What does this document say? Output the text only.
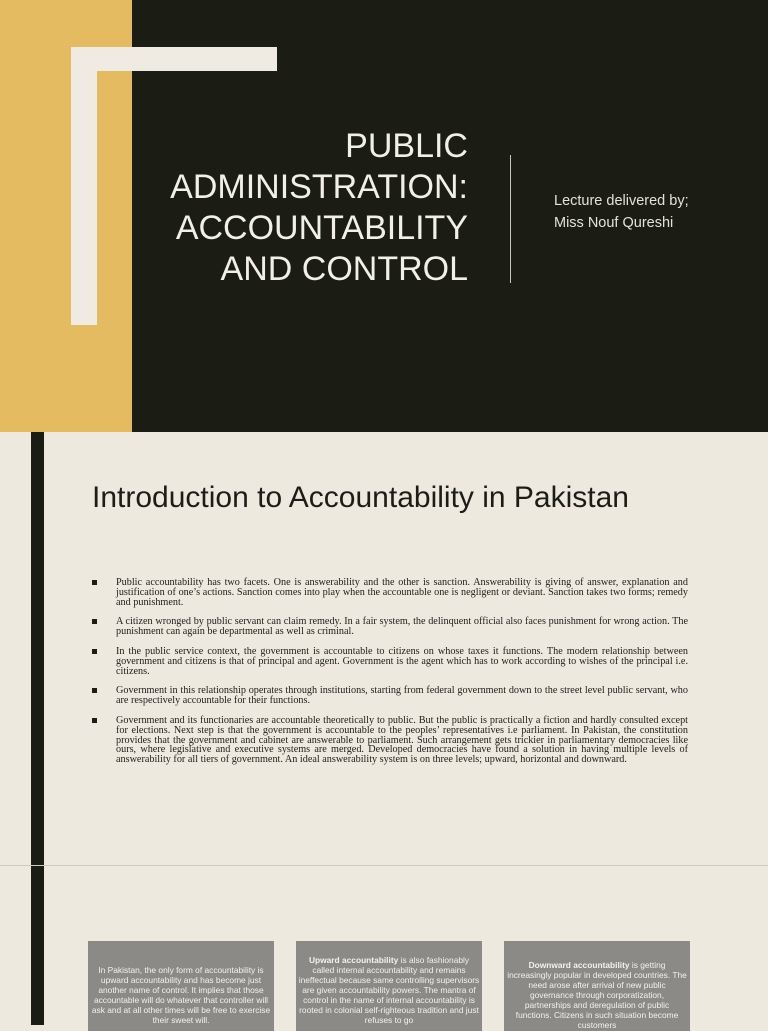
PUBLIC
ADMINISTRATION:
ACCOUNTABILITY
AND CONTROL
Lecture delivered by;
Miss Nouf Qureshi
Introduction to Accountability in Pakistan
Public accountability has two facets. One is answerability and the other is sanction. Answerability is giving of answer, explanation and justification of one’s actions. Sanction comes into play when the accountable one is negligent or deviant. Sanction takes two forms; remedy and punishment.
A citizen wronged by public servant can claim remedy. In a fair system, the delinquent official also faces punishment for wrong action. The punishment can again be departmental as well as criminal.
In the public service context, the government is accountable to citizens on whose taxes it functions. The modern relationship between government and citizens is that of principal and agent. Government is the agent which has to work according to wishes of the principal i.e. citizens.
Government in this relationship operates through institutions, starting from federal government down to the street level public servant, who are respectively accountable for their functions.
Government and its functionaries are accountable theoretically to public. But the public is practically a fiction and hardly consulted except for elections. Next step is that the government is accountable to the peoples’ representatives i.e parliament. In Pakistan, the constitution provides that the government and cabinet are answerable to parliament. Such arrangement gets trickier in parliamentary democracies like ours, where legislative and executive systems are merged. Developed democracies have found a solution in having multiple levels of answerability for all tiers of government. An ideal answerability system is on three levels; upward, horizontal and downward.
In Pakistan, the only form of accountability is upward accountability and has become just another name of control. It implies that those accountable will do whatever that controller will ask and at all other times will be free to exercise their sweet will.
Upward accountability is also fashionably called internal accountability and remains ineffectual because same controlling supervisors are given accountability powers. The mantra of control in the name of internal accountability is rooted in colonial self-righteous tradition and just refuses to go
Downward accountability is getting increasingly popular in developed countries. The need arose after arrival of new public governance through corporatization, partnerships and deregulation of public functions. Citizens in such situation become customers
